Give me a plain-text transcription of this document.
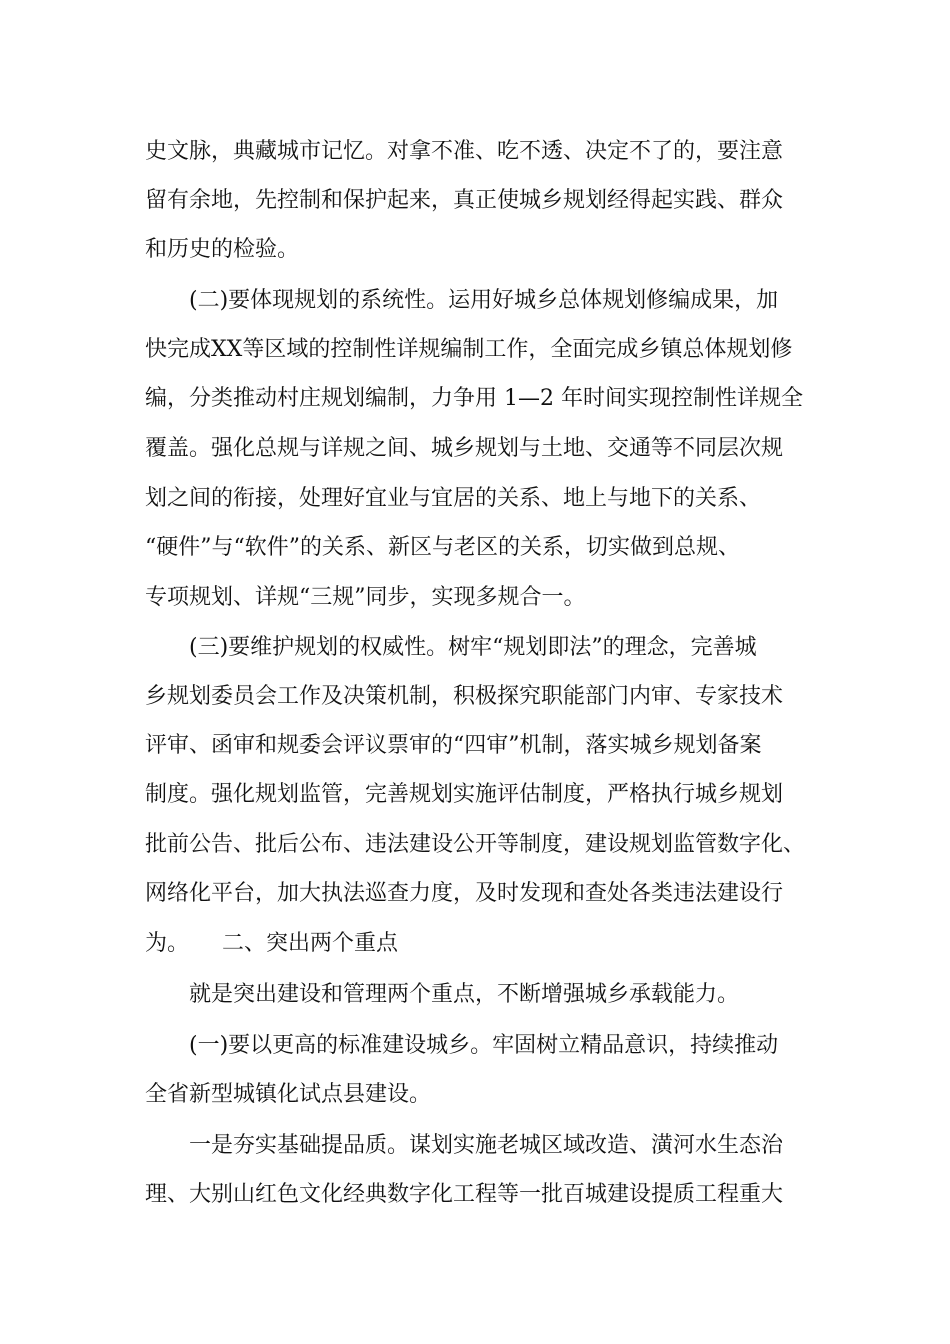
史文脉，典藏城市记忆。对拿不准、吃不透、决定不了的，要注意

留有余地，先控制和保护起来，真正使城乡规划经得起实践、群众

和历史的检验。

(二)要体现规划的系统性。运用好城乡总体规划修编成果，加

快完成XX等区域的控制性详规编制工作，全面完成乡镇总体规划修

编，分类推动村庄规划编制，力争用 1—2 年时间实现控制性详规全

覆盖。强化总规与详规之间、城乡规划与土地、交通等不同层次规

划之间的衔接，处理好宜业与宜居的关系、地上与地下的关系、

“硬件”与“软件”的关系、新区与老区的关系，切实做到总规、

专项规划、详规“三规”同步，实现多规合一。

(三)要维护规划的权威性。树牢“规划即法”的理念，完善城

乡规划委员会工作及决策机制，积极探究职能部门内审、专家技术

评审、函审和规委会评议票审的“四审”机制，落实城乡规划备案

制度。强化规划监管，完善规划实施评估制度，严格执行城乡规划

批前公告、批后公布、违法建设公开等制度，建设规划监管数字化、

网络化平台，加大执法巡查力度，及时发现和查处各类违法建设行

为。　　二、突出两个重点

就是突出建设和管理两个重点，不断增强城乡承载能力。

(一)要以更高的标准建设城乡。牢固树立精品意识，持续推动

全省新型城镇化试点县建设。

一是夯实基础提品质。谋划实施老城区域改造、潢河水生态治

理、大别山红色文化经典数字化工程等一批百城建设提质工程重大
